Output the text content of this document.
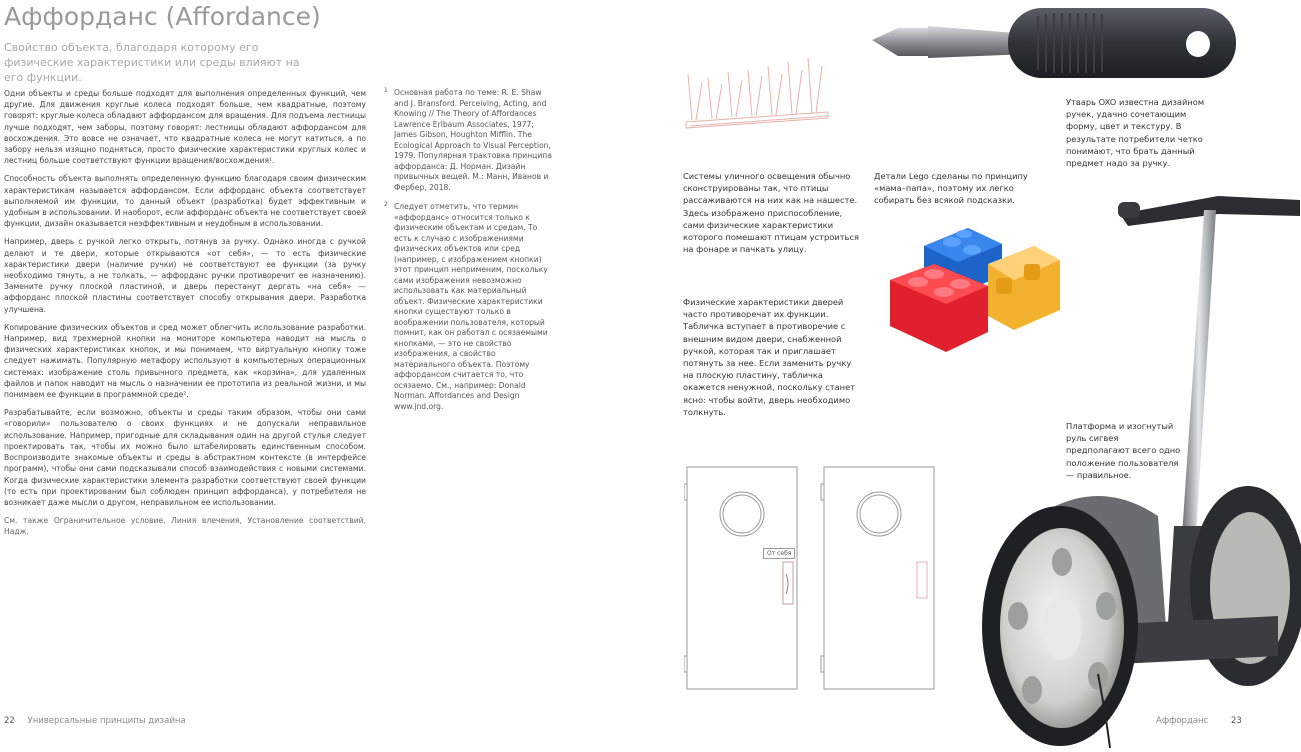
Аффорданс (Affordance)
Свойство объекта, благодаря которому его физические характеристики или среды влияют на его функции.

Одни объекты и среды больше подходят для выполнения определенных функций, чем другие. Для движения круглые колеса подходят больше, чем квадратные, поэтому говорят: круглые колеса обладают аффордансом для вращения. Для подъема лестницы лучше подходят, чем заборы, поэтому говорят: лестницы обладают аффордансом для восхождения. Это вовсе не означает, что квадратные колеса не могут катиться, а по забору нельзя изящно подняться, просто физические характеристики круглых колес и лестниц больше соответствуют функции вращения/восхождения¹.

Способность объекта выполнять определенную функцию благодаря своим физическим характеристикам называется аффордансом. Если аффорданс объекта соответствует выполняемой им функции, то данный объект (разработка) будет эффективным и удобным в использовании. И наоборот, если аффорданс объекта не соответствует своей функции, дизайн оказывается неэффективным и неудобным в использовании.

Например, дверь с ручкой легко открыть, потянув за ручку. Однако иногда с ручкой делают и те двери, которые открываются «от себя», — то есть физические характеристики двери (наличие ручки) не соответствуют ее функции (за ручку необходимо тянуть, а не толкать, — аффорданс ручки противоречит ее назначению). Замените ручку плоской пластиной, и дверь перестанут дергать «на себя» — аффорданс плоской пластины соответствует способу открывания двери. Разработка улучшена.

Копирование физических объектов и сред может облегчить использование разработки. Например, вид трехмерной кнопки на мониторе компьютера наводит на мысль о физических характеристиках кнопок, и мы понимаем, что виртуальную кнопку тоже следует нажимать. Популярную метафору используют в компьютерных операционных системах: изображение столь привычного предмета, как «корзина», для удаленных файлов и папок наводит на мысль о назначении ее прототипа из реальной жизни, и мы понимаем ее функции в программной среде².

Разрабатывайте, если возможно, объекты и среды таким образом, чтобы они сами «говорили» пользователю о своих функциях и не допускали неправильное использование. Например, пригодные для складывания один на другой стулья следует проектировать так, чтобы их можно было штабелировать единственным способом. Воспроизводите знакомые объекты и среды в абстрактном контексте (в интерфейсе программ), чтобы они сами подсказывали способ взаимодействия с новыми системами. Когда физические характеристики элемента разработки соответствуют своей функции (то есть при проектировании был соблюден принцип аффорданса), у потребителя не возникает даже мысли о другом, неправильном ее использовании.

См. также Ограничительное условие, Линия влечения, Установление соответствий, Надж.

1 Основная работа по теме: R. E. Shaw and J. Bransford. Perceiving, Acting, and Knowing // The Theory of Affordances Lawrence Erlbaum Associates, 1977; James Gibson, Houghton Mifflin. The Ecological Approach to Visual Perception, 1979. Популярная трактовка принципа аффорданса: Д. Норман. Дизайн привычных вещей. М.: Манн, Иванов и Фербер, 2018.
2 Следует отметить, что термин «аффорданс» относится только к физическим объектам и средам. То есть к случаю с изображениями физических объектов или сред (например, с изображением кнопки) этот принцип неприменим, поскольку сами изображения невозможно использовать как материальный объект. Физические характеристики кнопки существуют только в воображении пользователя, который помнит, как он работал с осязаемыми кнопками, — это не свойство изображения, а свойство материального объекта. Поэтому аффордансом считается то, что осязаемо. См., например: Donald Norman. Affordances and Design www.jnd.org.
22 Универсальные принципы дизайна
Утварь OXO известна дизайном ручек, удачно сочетающим форму, цвет и текстуру. В результате потребители четко понимают, что брать данный предмет надо за ручку.
Системы уличного освещения обычно сконструированы так, что птицы рассаживаются на них как на нашесте. Здесь изображено приспособление, сами физические характеристики которого помешают птицам устроиться на фонаре и пачкать улицу.
Детали Lego сделаны по принципу «мама–папа», поэтому их легко собирать без всякой подсказки.
Физические характеристики дверей часто противоречат их функции. Табличка вступает в противоречие с внешним видом двери, снабженной ручкой, которая так и приглашает потянуть за нее. Если заменить ручку на плоскую пластину, табличка окажется ненужной, поскольку станет ясно: чтобы войти, дверь необходимо толкнуть.
От себя
Платформа и изогнутый руль сигвея предполагают всего одно положение пользователя — правильное.
Аффорданс	23
